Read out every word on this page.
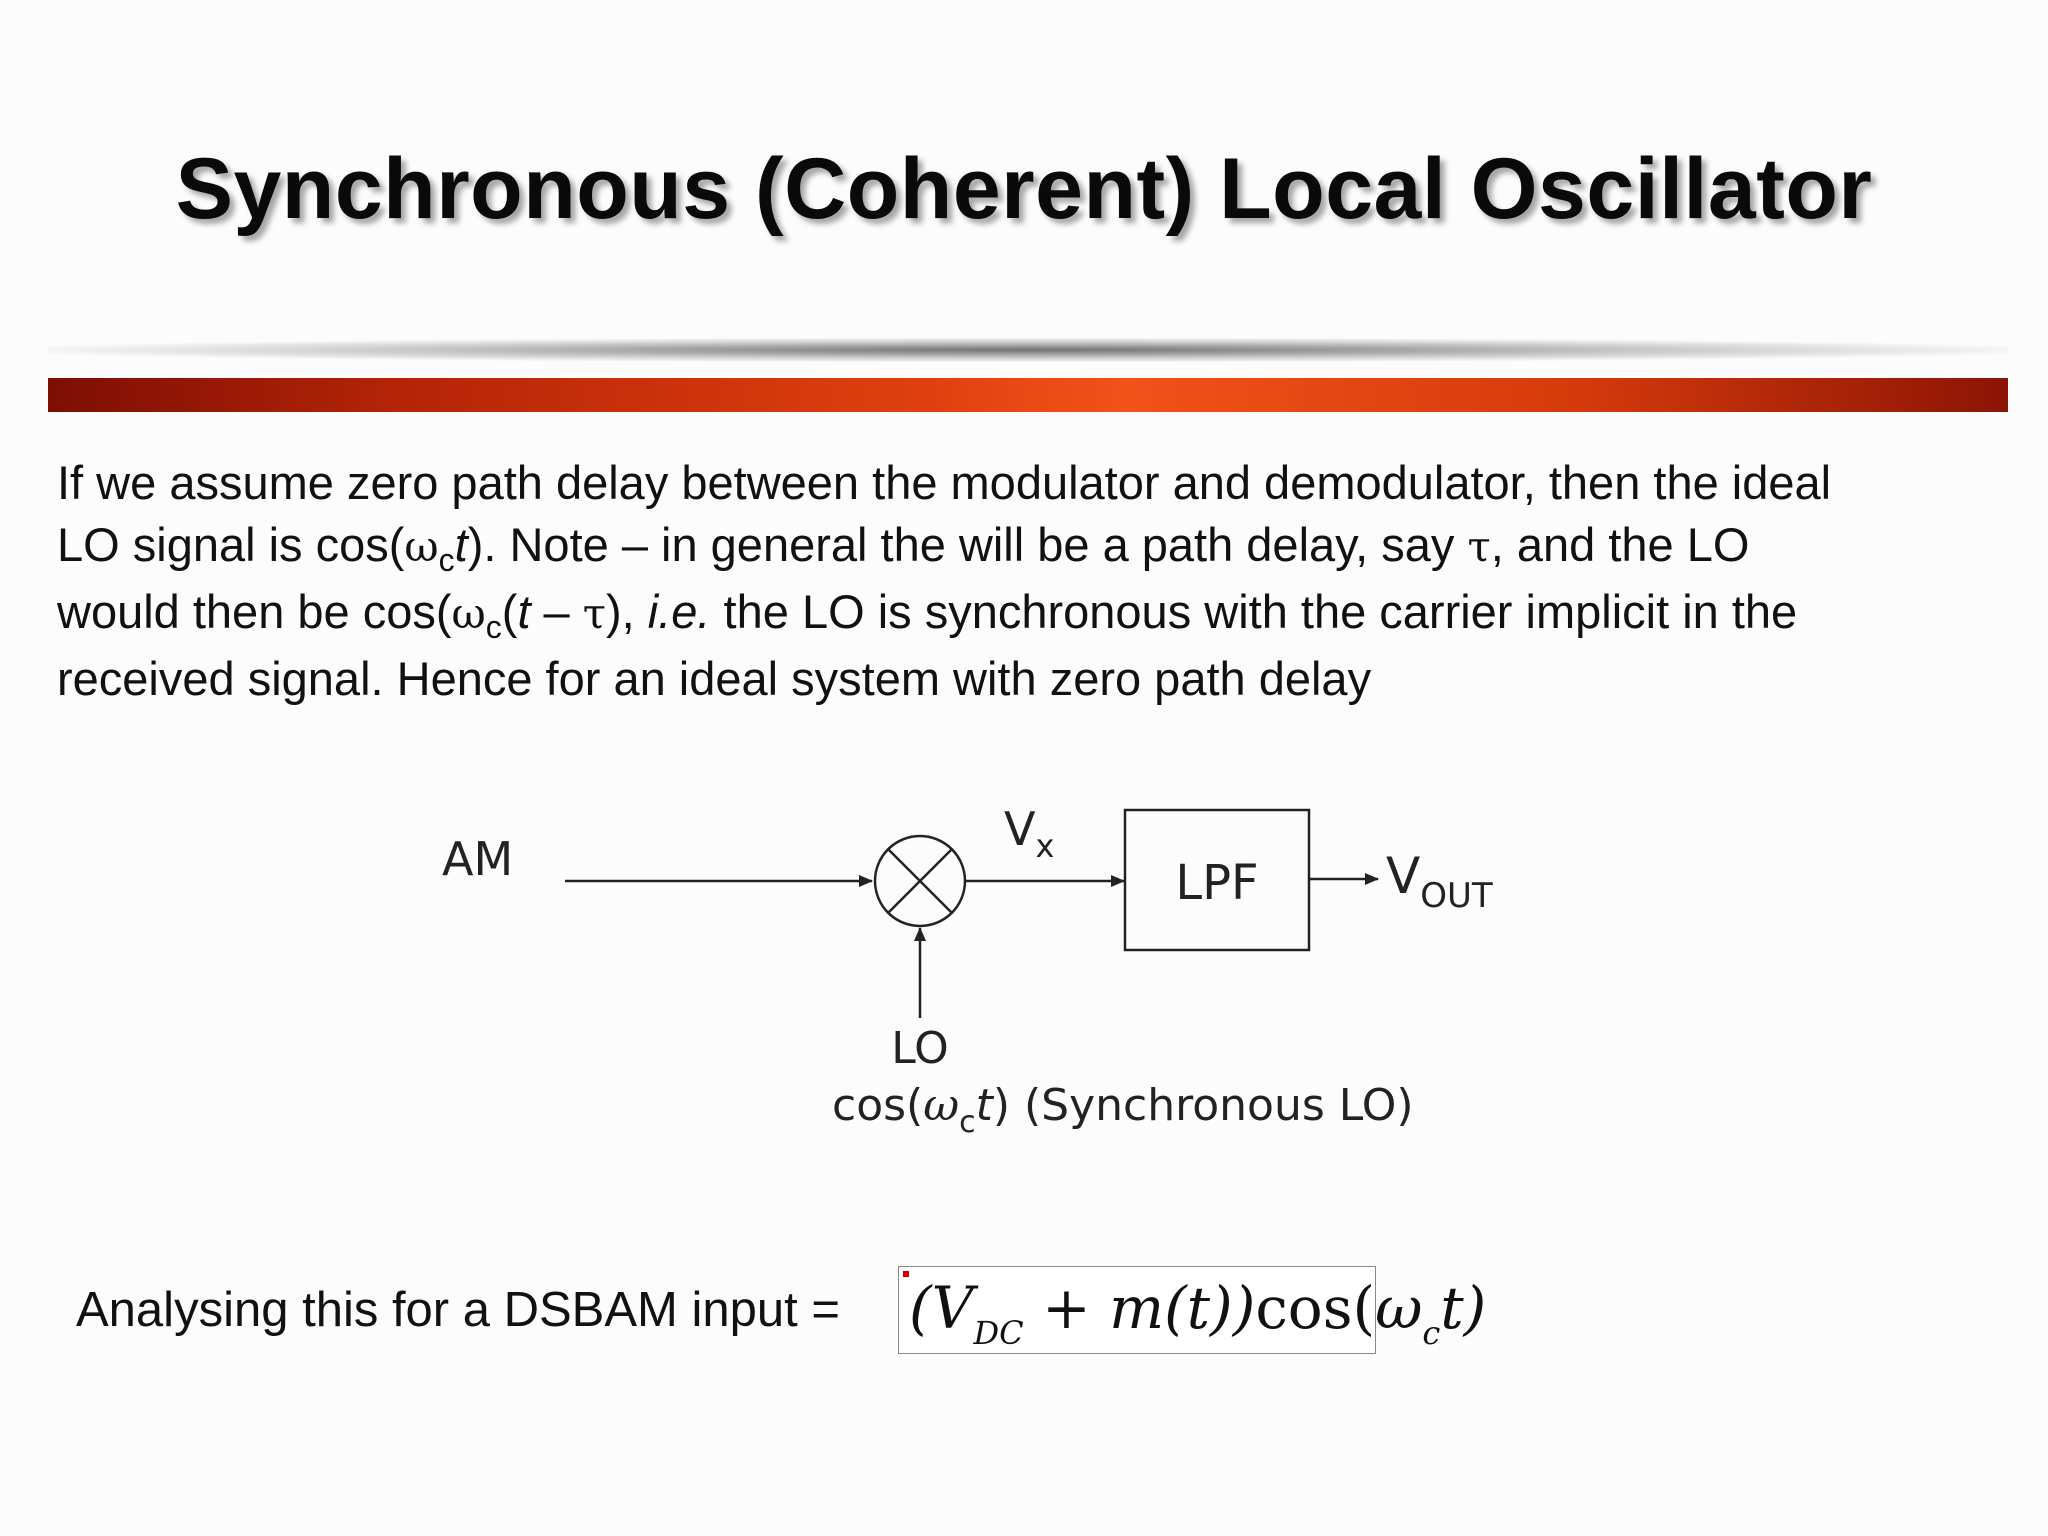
Synchronous (Coherent) Local Oscillator
If we assume zero path delay between the modulator and demodulator, then the ideal
LO signal is $\cos(\omega_ct)$. Note – in general the will be a path delay, say τ, and the LO
would then be $\cos(\omega_c(t - \tau)$, i.e. the LO is synchronous with the carrier implicit in the
received signal. Hence for an ideal system with zero path delay
AM
$V_x$
LPF	$V_{OUT}$
LO
$\cos(\omega_ct)$ (Synchronous LO)
Analysing this for a DSBAM input = $(V_{DC} + m(t))\cos(\omega_ct)$
